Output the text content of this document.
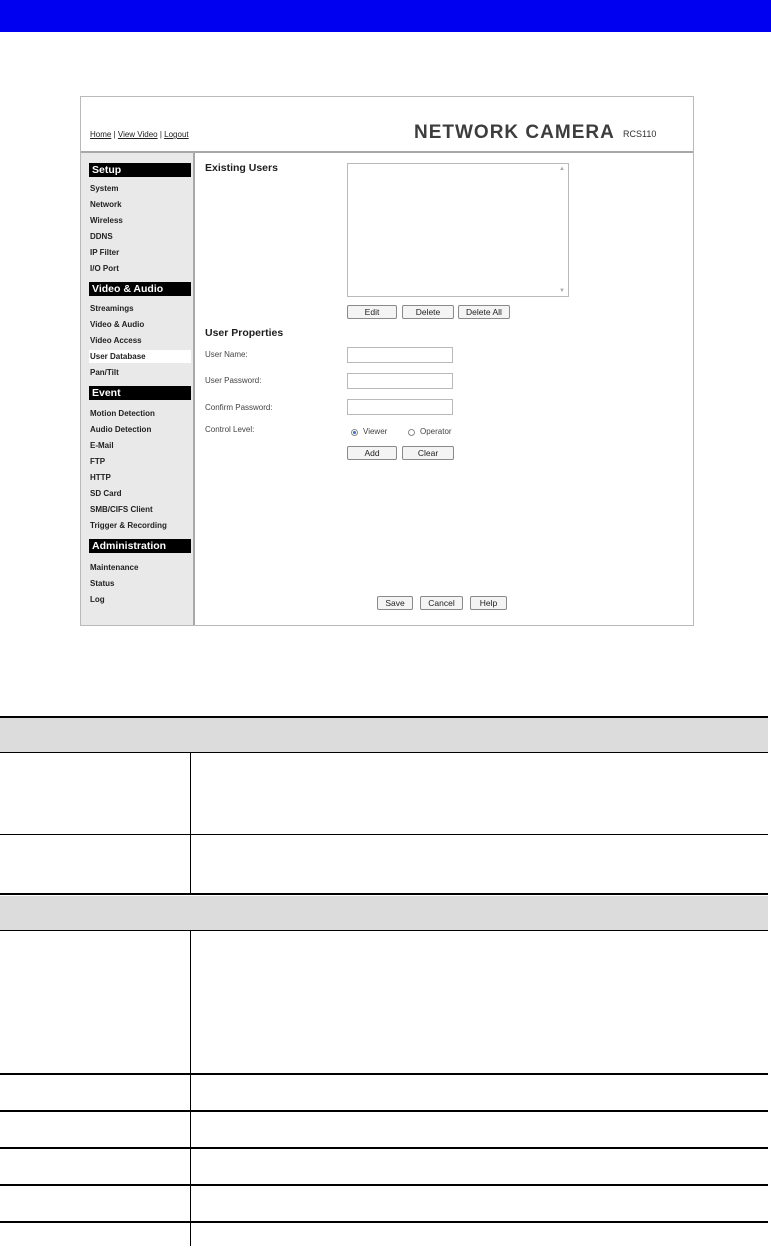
Home | View Video | Logout	NETWORK CAMERA RCS110
Setup
System
Network
Wireless
DDNS
IP Filter
I/O Port
Video & Audio
Streamings
Video & Audio
Video Access
User Database
Pan/Tilt
Event
Motion Detection
Audio Detection
E-Mail
FTP
HTTP
SD Card
SMB/CIFS Client
Trigger & Recording
Administration
Maintenance
Status
Log
Existing Users	▲
▼
Edit	Delete	Delete All
User Properties
User Name:
User Password:
Confirm Password:
Control Level:	Viewer	Operator
Add	Clear
Save	Cancel	Help
